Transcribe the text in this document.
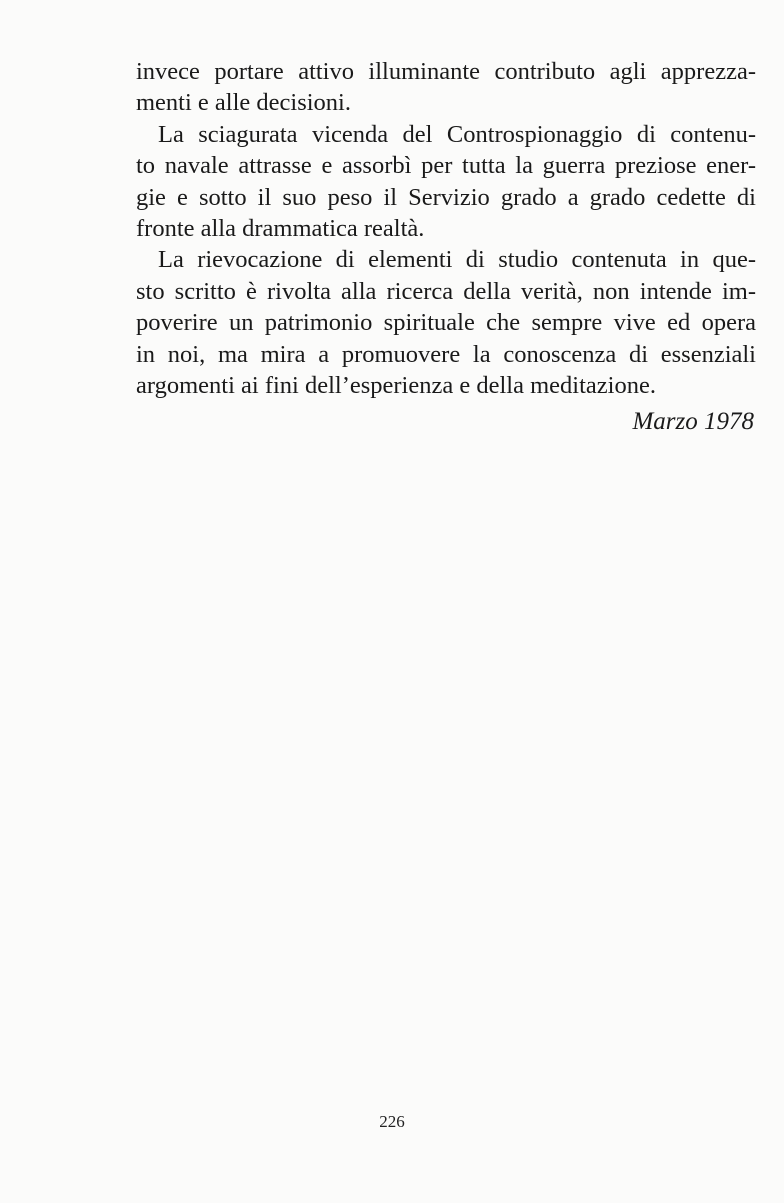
invece portare attivo illuminante contributo agli apprezza-
menti e alle decisioni.
La sciagurata vicenda del Controspionaggio di contenu-
to navale attrasse e assorbì per tutta la guerra preziose ener-
gie e sotto il suo peso il Servizio grado a grado cedette di
fronte alla drammatica realtà.
La rievocazione di elementi di studio contenuta in que-
sto scritto è rivolta alla ricerca della verità, non intende im-
poverire un patrimonio spirituale che sempre vive ed opera
in noi, ma mira a promuovere la conoscenza di essenziali
argomenti ai fini dell’esperienza e della meditazione.
Marzo 1978
226
